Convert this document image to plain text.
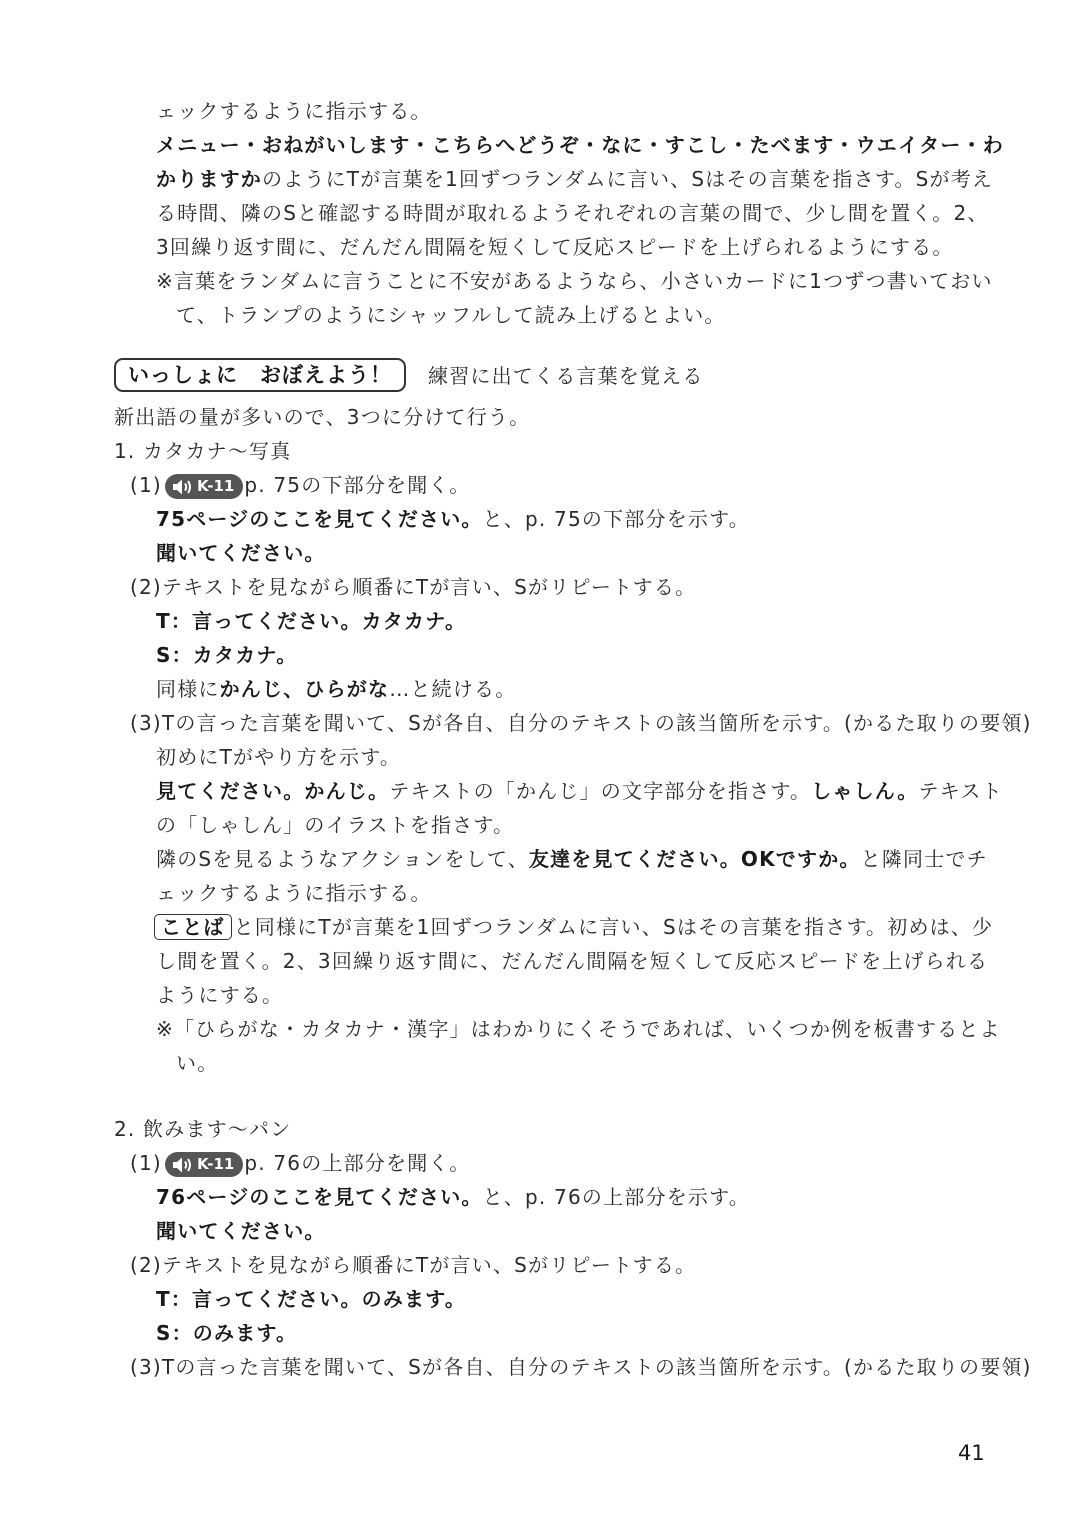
ェックするように指示する。
メニュー・おねがいします・こちらへどうぞ・なに・すこし・たべます・ウエイター・わ
かりますかのようにTが言葉を1回ずつランダムに言い、Sはその言葉を指さす。Sが考え
る時間、隣のSと確認する時間が取れるようそれぞれの言葉の間で、少し間を置く。2、
3回繰り返す間に、だんだん間隔を短くして反応スピードを上げられるようにする。
※言葉をランダムに言うことに不安があるようなら、小さいカードに1つずつ書いておい
て、トランプのようにシャッフルして読み上げるとよい。
いっしょに　おぼえよう！	練習に出てくる言葉を覚える
新出語の量が多いので、3つに分けて行う。
1. カタカナ～写真
(1) K-11 p. 75の下部分を聞く。
75ページのここを見てください。と、p. 75の下部分を示す。
聞いてください。
(2)テキストを見ながら順番にTが言い、Sがリピートする。
T：言ってください。カタカナ。
S：カタカナ。
同様にかんじ、ひらがな…と続ける。
(3)Tの言った言葉を聞いて、Sが各自、自分のテキストの該当箇所を示す。(かるた取りの要領)
初めにTがやり方を示す。
見てください。かんじ。テキストの「かんじ」の文字部分を指さす。しゃしん。テキスト
の「しゃしん」のイラストを指さす。
隣のSを見るようなアクションをして、友達を見てください。OKですか。と隣同士でチ
ェックするように指示する。
ことば と同様にTが言葉を1回ずつランダムに言い、Sはその言葉を指さす。初めは、少
し間を置く。2、3回繰り返す間に、だんだん間隔を短くして反応スピードを上げられる
ようにする。
※「ひらがな・カタカナ・漢字」はわかりにくそうであれば、いくつか例を板書するとよ
い。
2. 飲みます～パン
(1) K-11 p. 76の上部分を聞く。
76ページのここを見てください。と、p. 76の上部分を示す。
聞いてください。
(2)テキストを見ながら順番にTが言い、Sがリピートする。
T：言ってください。のみます。
S：のみます。
(3)Tの言った言葉を聞いて、Sが各自、自分のテキストの該当箇所を示す。(かるた取りの要領)
41
